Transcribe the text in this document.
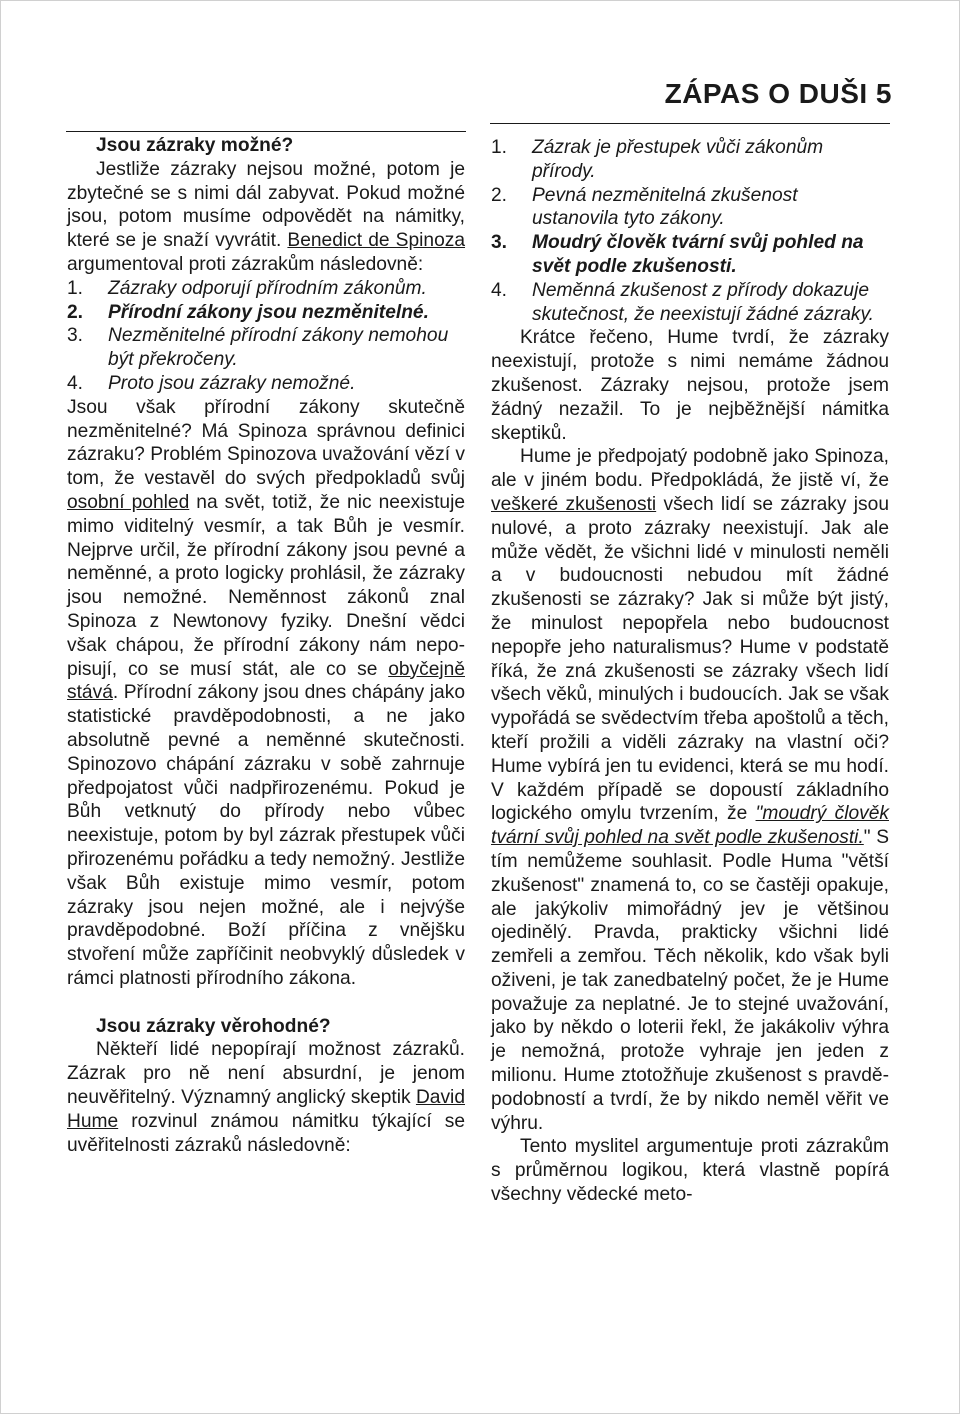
ZÁPAS O DUŠI 5

Jsou zázraky možné?

Jestliže zázraky nejsou možné, potom je zbytečné se s nimi dál zabyvat. Pokud možné jsou, potom musíme odpovědět na námitky, které se je snaží vyvrátit. Benedict de Spinoza argumentoval proti zázrakům následovně:

1. Zázraky odporují přírodním zákonům.
2. Přírodní zákony jsou nezměnitelné.
3. Nezměnitelné přírodní zákony nemohou být překročeny.
4. Proto jsou zázraky nemožné.

Jsou však přírodní zákony skutečně nezměnitelné? Má Spinoza správnou definici zázraku? Problém Spinozova uvažování vězí v tom, že vestavěl do svých předpokladů svůj osobní pohled na svět, totiž, že nic neexistuje mimo viditelný vesmír, a tak Bůh je vesmír. Nejprve určil, že přírodní zákony jsou pevné a neměnné, a proto logicky prohlásil, že zázraky jsou nemožné. Neměnnost zákonů znal Spinoza z Newtonovy fyziky. Dnešní vědci však chápou, že přírodní zákony nám nepopisují, co se musí stát, ale co se obyčejně stává. Přírodní zákony jsou dnes chápány jako statistické pravděpodobnosti, a ne jako absolutně pevné a neměnné skutečnosti. Spinozovo chápání zázraku v sobě zahrnuje předpojatost vůči nadpřirozenému. Pokud je Bůh vetknutý do přírody nebo vůbec neexistuje, potom by byl zázrak přestupek vůči přirozenému pořádku a tedy nemožný. Jestliže však Bůh existuje mimo vesmír, potom zázraky jsou nejen možné, ale i nejvýše pravděpodobné. Boží příčina z vnějšku stvoření může zapříčinit neobvyklý důsledek v rámci platnosti přírodního zákona.

Jsou zázraky věrohodné?

Někteří lidé nepopírají možnost zázraků. Zázrak pro ně není absurdní, je jenom neuvěřitelný. Významný anglický skeptik David Hume rozvinul známou námitku týkající se uvěřitelnosti zázraků následovně:

1. Zázrak je přestupek vůči zákonům přírody.
2. Pevná nezměnitelná zkušenost ustanovila tyto zákony.
3. Moudrý člověk tvární svůj pohled na svět podle zkušenosti.
4. Neměnná zkušenost z přírody dokazuje skutečnost, že neexistují žádné zázraky.

Krátce řečeno, Hume tvrdí, že zázraky neexistují, protože s nimi nemáme žádnou zkušenost. Zázraky nejsou, protože jsem žádný nezažil. To je nejběžnější námitka skeptiků.

Hume je předpojatý podobně jako Spinoza, ale v jiném bodu. Předpokládá, že jistě ví, že veškeré zkušenosti všech lidí se zázraky jsou nulové, a proto zázraky neexistují. Jak ale může vědět, že všichni lidé v minulosti neměli a v budoucnosti nebudou mít žádné zkušenosti se zázraky? Jak si může být jistý, že minulost nepopřela nebo budoucnost nepopře jeho naturalismus? Hume v podstatě říká, že zná zkušenosti se zázraky všech lidí všech věků, minulých i budoucích. Jak se však vypořádá se svědectvím třeba apoštolů a těch, kteří prožili a viděli zázraky na vlastní oči? Hume vybírá jen tu evidenci, která se mu hodí. V každém případě se dopoustí základního logického omylu tvrzením, že "moudrý člověk tvární svůj pohled na svět podle zkušenosti." S tím nemůžeme souhlasit. Podle Huma "větší zkušenost" znamená to, co se častěji opakuje, ale jakýkoliv mimořádný jev je většinou ojedinělý. Pravda, prakticky všichni lidé zemřeli a zemřou. Těch několik, kdo však byli oživeni, je tak zanedbatelný počet, že je Hume považuje za neplatné. Je to stejné uvažování, jako by někdo o loterii řekl, že jakákoliv výhra je nemožná, protože vyhraje jen jeden z milionu. Hume ztotožňuje zkušenost s pravděpodobností a tvrdí, že by nikdo neměl věřit ve výhru.

Tento myslitel argumentuje proti zázrakům s průměrnou logikou, která vlastně popírá všechny vědecké meto-
